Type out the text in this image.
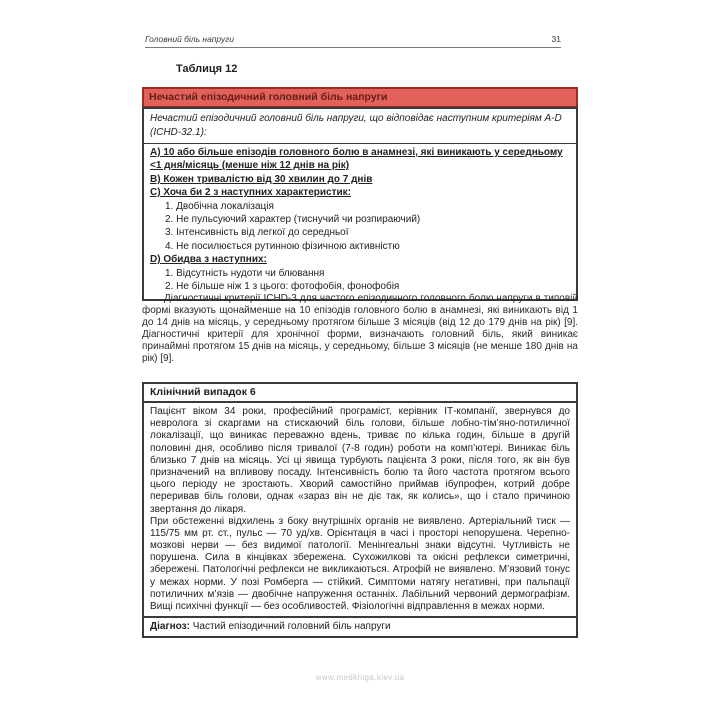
Головний біль напруги	31
Таблиця 12
Нечастий епізодичний головний біль напруги
Нечастий епізодичний головний біль напруги, що відповідає наступним критеріям A-D (ICHD-32.1):
А) 10 або більше епізодів головного болю в анамнезі, які виникають у середньому <1 дня/місяць (менше ніж 12 днів на рік)
В) Кожен тривалістю від 30 хвилин до 7 днів
С) Хоча би 2 з наступних характеристик:
1. Двобічна локалізація
2. Не пульсуючий характер (тиснучий чи розпираючий)
3. Інтенсивність від легкої до середньої
4. Не посилюється рутинною фізичною активністю
D) Обидва з наступних:
1. Відсутність нудоти чи блювання
2. Не більше ніж 1 з цього: фотофобія, фонофобія
Діагностичні критерії ICHD-3 для частого епізодичного головного болю напруги в типовій формі вказують щонайменше на 10 епізодів головного болю в анамнезі, які виникають від 1 до 14 днів на місяць, у середньому протягом більше 3 місяців (від 12 до 179 днів на рік) [9]. Діагностичні критерії для хронічної форми, визначають головний біль, який виникає принаймні протягом 15 днів на місяць, у середньому, більше 3 місяців (не менше 180 днів на рік) [9].
Клінічний випадок 6

Пацієнт віком 34 роки, професійний програміст, керівник ІТ-компанії, звернувся до невролога зі скаргами на стискаючий біль голови, більше лобно-тім’яно-потиличної локалізації, що виникає переважно вдень, триває по кілька годин, більше в другій половині дня, особливо після тривалої (7-8 годин) роботи на комп’ютері. Виникає біль близько 7 днів на місяць. Усі ці явища турбують пацієнта 3 роки, після того, як він був призначений на впливову посаду. Інтенсивність болю та його частота протягом всього цього періоду не зростають. Хворий самостійно приймав ібупрофен, котрий добре переривав біль голови, однак «зараз він не діє так, як колись», що і стало причиною звертання до лікаря.

При обстеженні відхилень з боку внутрішніх органів не виявлено. Артеріальний тиск — 115/75 мм рт. ст., пульс — 70 уд/хв. Орієнтація в часі і просторі непорушена. Черепно-мозкові нерви — без видимої патології. Менінгеальні знаки відсутні. Чутливість не порушена. Сила в кінцівках збережена. Сухожилкові та окісні рефлекси симетричні, збережені. Патологічні рефлекси не викликаються. Атрофій не виявлено. М’язовий тонус у межах норми. У позі Ромберга — стійкий. Симптоми натягу негативні, при пальпації потиличних м’язів — двобічне напруження останніх. Лабільний червоний дермографізм. Вищі психічні функції — без особливостей. Фізіологічні відправлення в межах норми.

Діагноз: Частий епізодичний головний біль напруги
www.medkniga.kiev.ua
